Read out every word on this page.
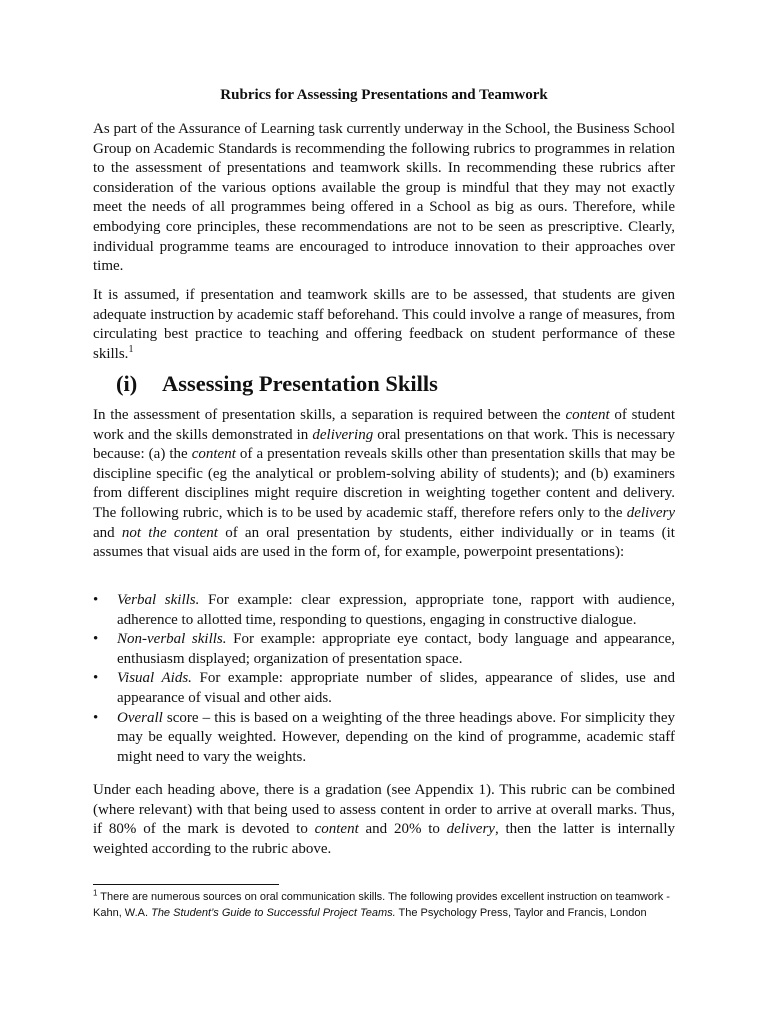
Rubrics for Assessing Presentations and Teamwork

As part of the Assurance of Learning task currently underway in the School, the Business School Group on Academic Standards is recommending the following rubrics to programmes in relation to the assessment of presentations and teamwork skills. In recommending these rubrics after consideration of the various options available the group is mindful that they may not exactly meet the needs of all programmes being offered in a School as big as ours. Therefore, while embodying core principles, these recommendations are not to be seen as prescriptive. Clearly, individual programme teams are encouraged to introduce innovation to their approaches over time.

It is assumed, if presentation and teamwork skills are to be assessed, that students are given adequate instruction by academic staff beforehand. This could involve a range of measures, from circulating best practice to teaching and offering feedback on student performance of these skills.$^1$

(i) Assessing Presentation Skills

In the assessment of presentation skills, a separation is required between the content of student work and the skills demonstrated in delivering oral presentations on that work. This is necessary because: (a) the content of a presentation reveals skills other than presentation skills that may be discipline specific (eg the analytical or problem-solving ability of students); and (b) examiners from different disciplines might require discretion in weighting together content and delivery. The following rubric, which is to be used by academic staff, therefore refers only to the delivery and not the content of an oral presentation by students, either individually or in teams (it assumes that visual aids are used in the form of, for example, powerpoint presentations):

• Verbal skills. For example: clear expression, appropriate tone, rapport with audience, adherence to allotted time, responding to questions, engaging in constructive dialogue.
• Non-verbal skills. For example: appropriate eye contact, body language and appearance, enthusiasm displayed; organization of presentation space.
• Visual Aids. For example: appropriate number of slides, appearance of slides, use and appearance of visual and other aids.
• Overall score – this is based on a weighting of the three headings above. For simplicity they may be equally weighted. However, depending on the kind of programme, academic staff might need to vary the weights.

Under each heading above, there is a gradation (see Appendix 1). This rubric can be combined (where relevant) with that being used to assess content in order to arrive at overall marks. Thus, if 80% of the mark is devoted to content and 20% to delivery, then the latter is internally weighted according to the rubric above.

$^1$ There are numerous sources on oral communication skills. The following provides excellent instruction on teamwork - Kahn, W.A. The Student’s Guide to Successful Project Teams. The Psychology Press, Taylor and Francis, London
